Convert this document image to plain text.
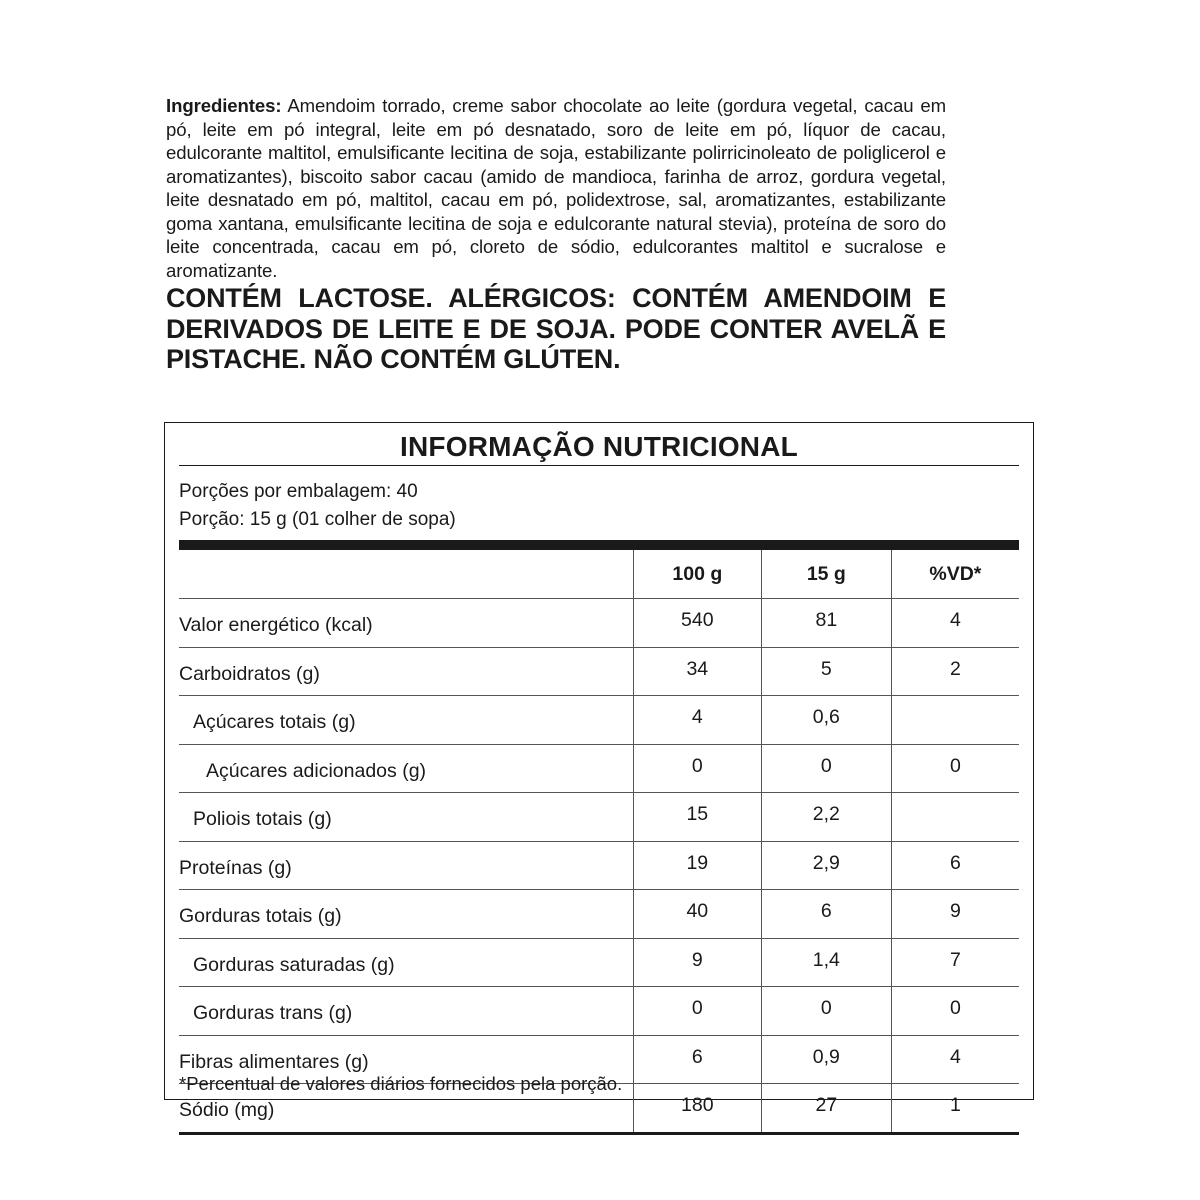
Ingredientes: Amendoim torrado, creme sabor chocolate ao leite (gordura vegetal, cacau em pó, leite em pó integral, leite em pó desnatado, soro de leite em pó, líquor de cacau, edulcorante maltitol, emulsificante lecitina de soja, estabilizante polirricinoleato de poliglicerol e aromatizantes), biscoito sabor cacau (amido de mandioca, farinha de arroz, gordura vegetal, leite desnatado em pó, maltitol, cacau em pó, polidextrose, sal, aromatizantes, estabilizante goma xantana, emulsificante lecitina de soja e edulcorante natural stevia), proteína de soro do leite concentrada, cacau em pó, cloreto de sódio, edulcorantes maltitol e sucralose e aromatizante.
CONTÉM LACTOSE. ALÉRGICOS: CONTÉM AMENDOIM E DERIVADOS DE LEITE E DE SOJA. PODE CONTER AVELÃ E PISTACHE. NÃO CONTÉM GLÚTEN.
INFORMAÇÃO NUTRICIONAL
Porções por embalagem: 40
Porção: 15 g (01 colher de sopa)
	100 g	15 g	%VD*
Valor energético (kcal)	540	81	4
Carboidratos (g)	34	5	2
Açúcares totais (g)	4	0,6	
Açúcares adicionados (g)	0	0	0
Poliois totais (g)	15	2,2	
Proteínas (g)	19	2,9	6
Gorduras totais (g)	40	6	9
Gorduras saturadas (g)	9	1,4	7
Gorduras trans (g)	0	0	0
Fibras alimentares (g)	6	0,9	4
Sódio (mg)	180	27	1
*Percentual de valores diários fornecidos pela porção.
